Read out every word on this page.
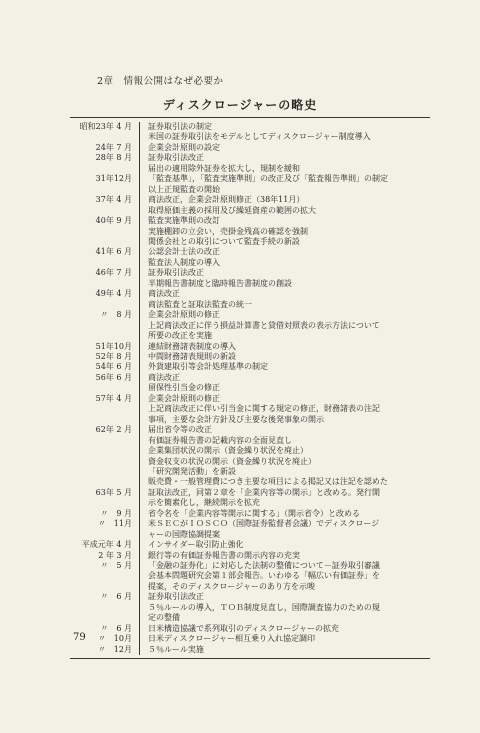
2章　情報公開はなぜ必要か
ディスクロージャーの略史
昭和23年 4 月	証券取引法の制定
米国の証券取引法をモデルとしてディスクロージャー制度導入
24年 7 月	企業会計原則の設定
28年 8 月	証券取引法改正
届出の適用除外証券を拡大し，規制を緩和
31年12月	「監査基準」，「監査実施準則」の改正及び「監査報告準則」の制定
以上正規監査の開始
37年 4 月	商法改正，企業会計原則修正（38年11月）
取得原価主義の採用及び繰延資産の範囲の拡大
40年 9 月	監査実施準則の改訂
実施棚卸の立会い，売掛金残高の確認を強制
関係会社との取引について監査手続の新設
41年 6 月	公認会計士法の改正
監査法人制度の導入
46年 7 月	証券取引法改正
半期報告書制度と臨時報告書制度の創設
49年 4 月	商法改正
商法監査と証取法監査の統一
〃　8 月	企業会計原則の修正
上記商法改正に伴う損益計算書と貸借対照表の表示方法について
所要の改正を実施
51年10月	連結財務諸表制度の導入
52年 8 月	中間財務諸表規則の新設
54年 6 月	外貨建取引等会計処理基準の制定
56年 6 月	商法改正
留保性引当金の修正
57年 4 月	企業会計原則の修正
上記商法改正に伴い引当金に関する規定の修正，財務諸表の注記
事項，主要な会計方針及び主要な後発事象の開示
62年 2 月	届出省令等の改正
有価証券報告書の記載内容の全面見直し
企業集団状況の開示（資金繰り状況を廃止）
資金収支の状況の開示（資金繰り状況を廃止）
「研究開発活動」を新設
販売費・一般管理費につき主要な項目による掲記又は注記を認めた
63年 5 月	証取法改正，同第２章を「企業内容等の開示」と改める。発行開
示を簡素化し，継続開示を拡充
〃　9 月	省令名を「企業内容等開示に関する」（開示省令）と改める
〃　11月	米ＳＥＣがＩＯＳＣＯ（国際証券監督者会議）でディスクロージ
ャーの国際協調提案
平成元年 4 月	インサイダー取引防止強化
2 年 3 月	銀行等の有価証券報告書の開示内容の充実
〃　5 月	「金融の証券化」に対応した法制の整備について－証券取引審議
会基本問題研究会第１部会報告。いわゆる「幅広い有価証券」を
提案，そのディスクロージャーのあり方を示唆
〃　6 月	証券取引法改正
５％ルールの導入，ＴＯＢ制度見直し，国際調査協力のための規
定の整備
〃　6 月	日米構造協議で系列取引のディスクロージャーの拡充
〃　10月	日米ディスクロージャー相互乗り入れ協定調印
〃　12月	５％ルール実施
79
